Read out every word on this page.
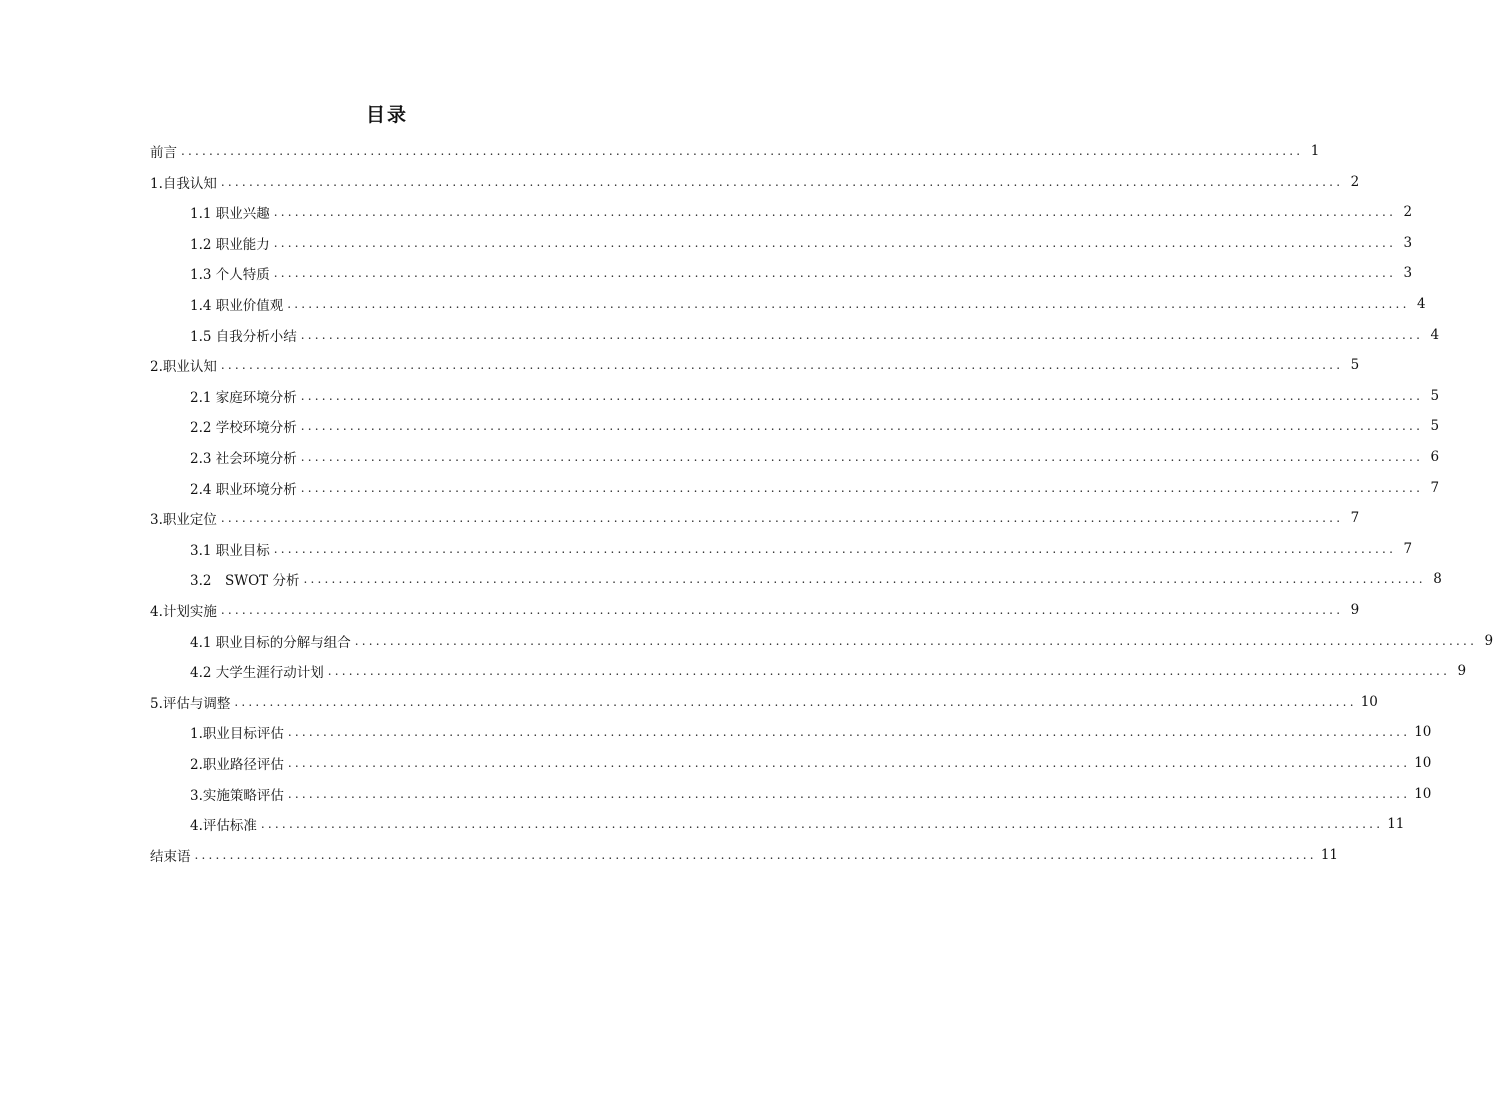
目录
前言 ................................................................................................................................................................ 1
1.自我认知 ................................................................................................................................................................ 2
1.1 职业兴趣 ................................................................................................................................................................ 2
1.2 职业能力 ................................................................................................................................................................ 3
1.3 个人特质 ................................................................................................................................................................ 3
1.4 职业价值观 ................................................................................................................................................................ 4
1.5 自我分析小结 ................................................................................................................................................................ 4
2.职业认知 ................................................................................................................................................................ 5
2.1 家庭环境分析 ................................................................................................................................................................ 5
2.2 学校环境分析 ................................................................................................................................................................ 5
2.3 社会环境分析 ................................................................................................................................................................ 6
2.4 职业环境分析 ................................................................................................................................................................ 7
3.职业定位 ................................................................................................................................................................ 7
3.1 职业目标 ................................................................................................................................................................ 7
3.2　SWOT 分析 ................................................................................................................................................................ 8
4.计划实施 ................................................................................................................................................................ 9
4.1 职业目标的分解与组合 ................................................................................................................................................................ 9
4.2 大学生涯行动计划 ................................................................................................................................................................ 9
5.评估与调整 ................................................................................................................................................................ 10
1.职业目标评估 ................................................................................................................................................................ 10
2.职业路径评估 ................................................................................................................................................................ 10
3.实施策略评估 ................................................................................................................................................................ 10
4.评估标准 ................................................................................................................................................................ 11
结束语 ................................................................................................................................................................ 11
